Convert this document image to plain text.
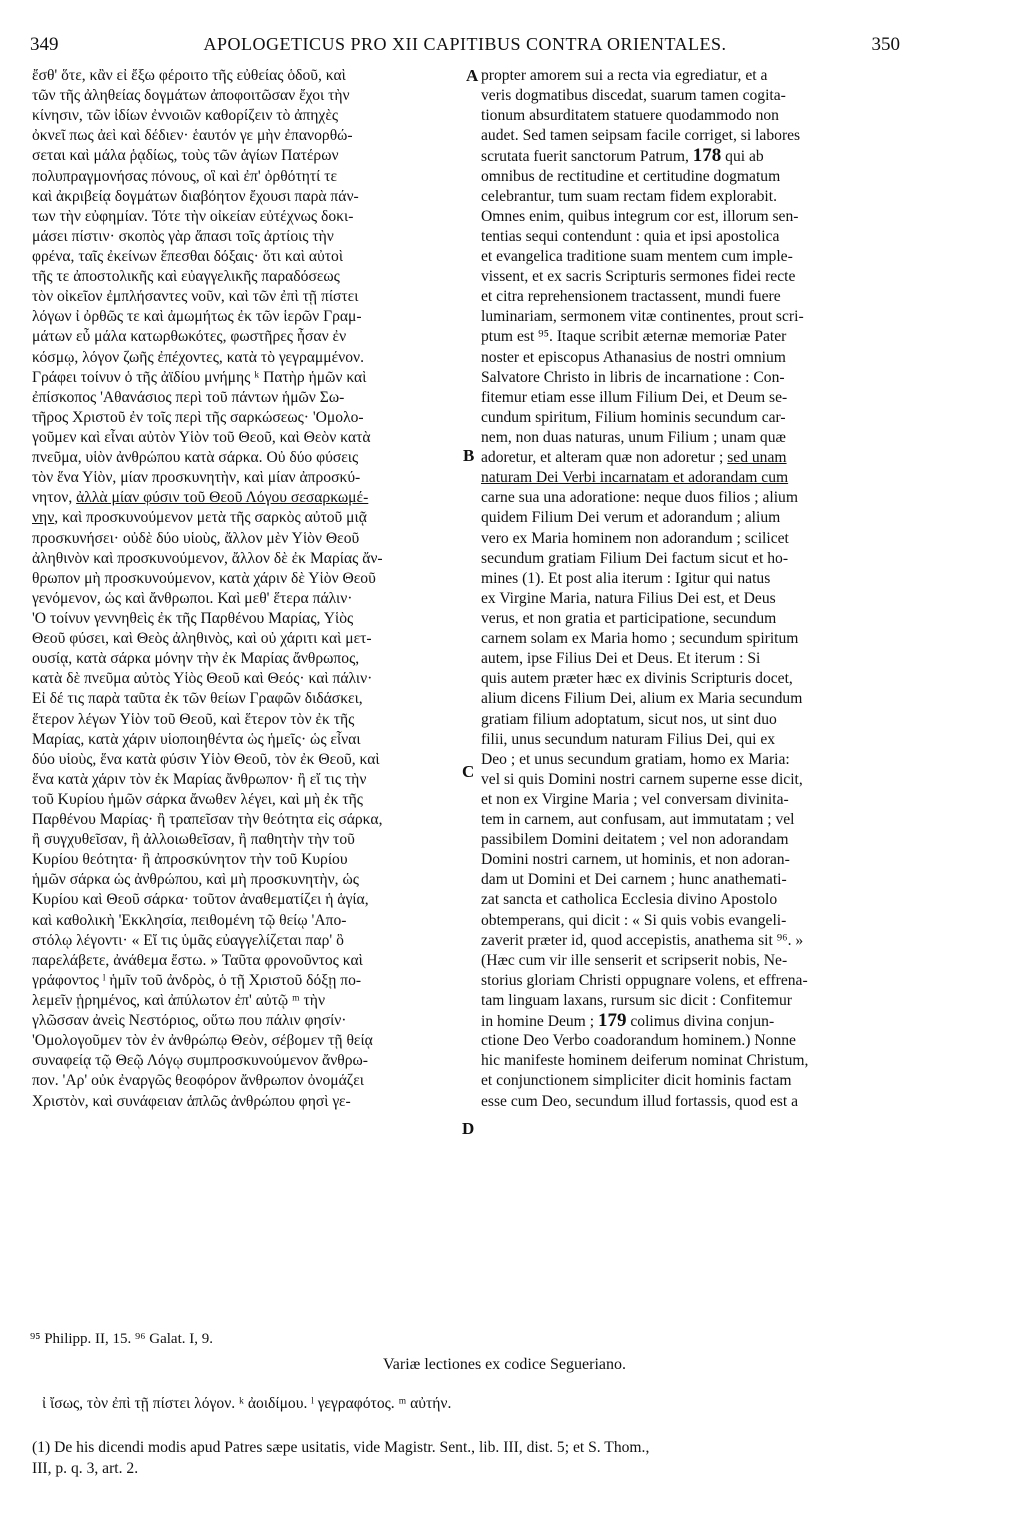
349	APOLOGETICUS PRO XII CAPITIBUS CONTRA ORIENTALES.	350
ἔσθ' ὅτε, κἂν εἰ ἔξω φέροιτο τῆς εὐθείας ὁδοῦ, καὶ
τῶν τῆς ἀληθείας δογμάτων ἀποφοιτῶσαν ἔχοι τὴν
κίνησιν, τῶν ἰδίων ἐννοιῶν καθορίζειν τὸ ἀπηχὲς
ὀκνεῖ πως ἀεὶ καὶ δέδιεν· ἑαυτόν γε μὴν ἐπανορθώ-
σεται καὶ μάλα ῥᾳδίως, τοὺς τῶν ἁγίων Πατέρων
πολυπραγμονήσας πόνους, οἳ καὶ ἐπ' ὀρθότητί τε
καὶ ἀκριβείᾳ δογμάτων διαβόητον ἔχουσι παρὰ πάν-
των τὴν εὐφημίαν. Τότε τὴν οἰκείαν εὐτέχνως δοκι-
μάσει πίστιν· σκοπὸς γὰρ ἅπασι τοῖς ἀρτίοις τὴν
φρένα, ταῖς ἐκείνων ἕπεσθαι δόξαις· ὅτι καὶ αὐτοὶ
τῆς τε ἀποστολικῆς καὶ εὐαγγελικῆς παραδόσεως
τὸν οἰκεῖον ἐμπλήσαντες νοῦν, καὶ τῶν ἐπὶ τῇ πίστει
λόγων ἰ ὀρθῶς τε καὶ ἀμωμήτως ἐκ τῶν ἱερῶν Γραμ-
μάτων εὖ μάλα κατωρθωκότες, φωστῆρες ἦσαν ἐν
κόσμῳ, λόγον ζωῆς ἐπέχοντες, κατὰ τὸ γεγραμμένον.
Γράφει τοίνυν ὁ τῆς ἀϊδίου μνήμης ᵏ Πατὴρ ἡμῶν καὶ
ἐπίσκοπος 'Αθανάσιος περὶ τοῦ πάντων ἡμῶν Σω-
τῆρος Χριστοῦ ἐν τοῖς περὶ τῆς σαρκώσεως· 'Ομολο-
γοῦμεν καὶ εἶναι αὐτὸν Υἱὸν τοῦ Θεοῦ, καὶ Θεὸν κατὰ
πνεῦμα, υἱὸν ἀνθρώπου κατὰ σάρκα. Οὐ δύο φύσεις
τὸν ἕνα Υἱὸν, μίαν προσκυνητὴν, καὶ μίαν ἀπροσκύ-
νητον, ἀλλὰ μίαν φύσιν τοῦ Θεοῦ Λόγου σεσαρκωμέ-
νην, καὶ προσκυνούμενον μετὰ τῆς σαρκὸς αὐτοῦ μιᾷ
προσκυνήσει· οὐδὲ δύο υἱοὺς, ἄλλον μὲν Υἱὸν Θεοῦ
ἀληθινὸν καὶ προσκυνούμενον, ἄλλον δὲ ἐκ Μαρίας ἄν-
θρωπον μὴ προσκυνούμενον, κατὰ χάριν δὲ Υἱὸν Θεοῦ
γενόμενον, ὡς καὶ ἄνθρωποι. Καὶ μεθ' ἕτερα πάλιν·
'Ο τοίνυν γεννηθεὶς ἐκ τῆς Παρθένου Μαρίας, Υἱὸς
Θεοῦ φύσει, καὶ Θεὸς ἀληθινὸς, καὶ οὐ χάριτι καὶ μετ-
ουσίᾳ, κατὰ σάρκα μόνην τὴν ἐκ Μαρίας ἄνθρωπος,
κατὰ δὲ πνεῦμα αὐτὸς Υἱὸς Θεοῦ καὶ Θεός· καὶ πάλιν·
Εἰ δέ τις παρὰ ταῦτα ἐκ τῶν θείων Γραφῶν διδάσκει,
ἕτερον λέγων Υἱὸν τοῦ Θεοῦ, καὶ ἕτερον τὸν ἐκ τῆς
Μαρίας, κατὰ χάριν υἱοποιηθέντα ὡς ἡμεῖς· ὡς εἶναι
δύο υἱοὺς, ἕνα κατὰ φύσιν Υἱὸν Θεοῦ, τὸν ἐκ Θεοῦ, καὶ
ἕνα κατὰ χάριν τὸν ἐκ Μαρίας ἄνθρωπον· ἢ εἴ τις τὴν
τοῦ Κυρίου ἡμῶν σάρκα ἄνωθεν λέγει, καὶ μὴ ἐκ τῆς
Παρθένου Μαρίας· ἢ τραπεῖσαν τὴν θεότητα εἰς σάρκα,
ἢ συγχυθεῖσαν, ἢ ἀλλοιωθεῖσαν, ἢ παθητὴν τὴν τοῦ
Κυρίου θεότητα· ἢ ἀπροσκύνητον τὴν τοῦ Κυρίου
ἡμῶν σάρκα ὡς ἀνθρώπου, καὶ μὴ προσκυνητὴν, ὡς
Κυρίου καὶ Θεοῦ σάρκα· τοῦτον ἀναθεματίζει ἡ ἁγία,
καὶ καθολικὴ 'Εκκλησία, πειθομένη τῷ θείῳ 'Απο-
στόλῳ λέγοντι· « Εἴ τις ὑμᾶς εὐαγγελίζεται παρ' ὃ
παρελάβετε, ἀνάθεμα ἔστω. » Ταῦτα φρονοῦντος καὶ
γράφοντος ˡ ἡμῖν τοῦ ἀνδρὸς, ὁ τῇ Χριστοῦ δόξῃ πο-
λεμεῖν ᾑρημένος, καὶ ἀπύλωτον ἐπ' αὐτῷ ᵐ τὴν
γλῶσσαν ἀνεὶς Νεστόριος, οὕτω που πάλιν φησίν·
'Ομολογοῦμεν τὸν ἐν ἀνθρώπῳ Θεὸν, σέβομεν τῇ θείᾳ
συναφείᾳ τῷ Θεῷ Λόγῳ συμπροσκυνούμενον ἄνθρω-
πον. 'Αρ' οὐκ ἐναργῶς θεοφόρον ἄνθρωπον ὀνομάζει
Χριστὸν, καὶ συνάφειαν ἁπλῶς ἀνθρώπου φησὶ γε-
propter amorem sui a recta via egrediatur, et a
veris dogmatibus discedat, suarum tamen cogita-
tionum absurditatem statuere quodammodo non
audet. Sed tamen seipsam facile corriget, si labores
scrutata fuerit sanctorum Patrum, 178 qui ab
omnibus de rectitudine et certitudine dogmatum
celebrantur, tum suam rectam fidem explorabit.
Omnes enim, quibus integrum cor est, illorum sen-
tentias sequi contendunt : quia et ipsi apostolica
et evangelica traditione suam mentem cum imple-
vissent, et ex sacris Scripturis sermones fidei recte
et citra reprehensionem tractassent, mundi fuere
luminariam, sermonem vitæ continentes, prout scri-
ptum est ⁹⁵. Itaque scribit æternæ memoriæ Pater
noster et episcopus Athanasius de nostri omnium
Salvatore Christo in libris de incarnatione : Con-
fitemur etiam esse illum Filium Dei, et Deum se-
cundum spiritum, Filium hominis secundum car-
nem, non duas naturas, unum Filium ; unam quæ
adoretur, et alteram quæ non adoretur ; sed unam
naturam Dei Verbi incarnatam et adorandam cum
carne sua una adoratione: neque duos filios ; alium
quidem Filium Dei verum et adorandum ; alium
vero ex Maria hominem non adorandum ; scilicet
secundum gratiam Filium Dei factum sicut et ho-
mines (1). Et post alia iterum : Igitur qui natus
ex Virgine Maria, natura Filius Dei est, et Deus
verus, et non gratia et participatione, secundum
carnem solam ex Maria homo ; secundum spiritum
autem, ipse Filius Dei et Deus. Et iterum : Si
quis autem præter hæc ex divinis Scripturis docet,
alium dicens Filium Dei, alium ex Maria secundum
gratiam filium adoptatum, sicut nos, ut sint duo
filii, unus secundum naturam Filius Dei, qui ex
Deo ; et unus secundum gratiam, homo ex Maria:
vel si quis Domini nostri carnem superne esse dicit,
et non ex Virgine Maria ; vel conversam divinita-
tem in carnem, aut confusam, aut immutatam ; vel
passibilem Domini deitatem ; vel non adorandam
Domini nostri carnem, ut hominis, et non adoran-
dam ut Domini et Dei carnem ; hunc anathemati-
zat sancta et catholica Ecclesia divino Apostolo
obtemperans, qui dicit : « Si quis vobis evangeli-
zaverit præter id, quod accepistis, anathema sit ⁹⁶. »
(Hæc cum vir ille senserit et scripserit nobis, Ne-
storius gloriam Christi oppugnare volens, et effrena-
tam linguam laxans, rursum sic dicit : Confitemur
in homine Deum ; 179 colimus divina conjun-
ctione Deo Verbo coadorandum hominem.) Nonne
hic manifeste hominem deiferum nominat Christum,
et conjunctionem simpliciter dicit hominis factam
esse cum Deo, secundum illud fortassis, quod est a
A
B
C
D
⁹⁵ Philipp. II, 15. ⁹⁶ Galat. I, 9.
Variæ lectiones ex codice Segueriano.
ἰ ἴσως, τὸν ἐπὶ τῇ πίστει λόγον. ᵏ ἀοιδίμου. ˡ γεγραφότος. ᵐ αὐτήν.
(1) De his dicendi modis apud Patres sæpe usitatis, vide Magistr. Sent., lib. III, dist. 5; et S. Thom.,
III, p. q. 3, art. 2.
